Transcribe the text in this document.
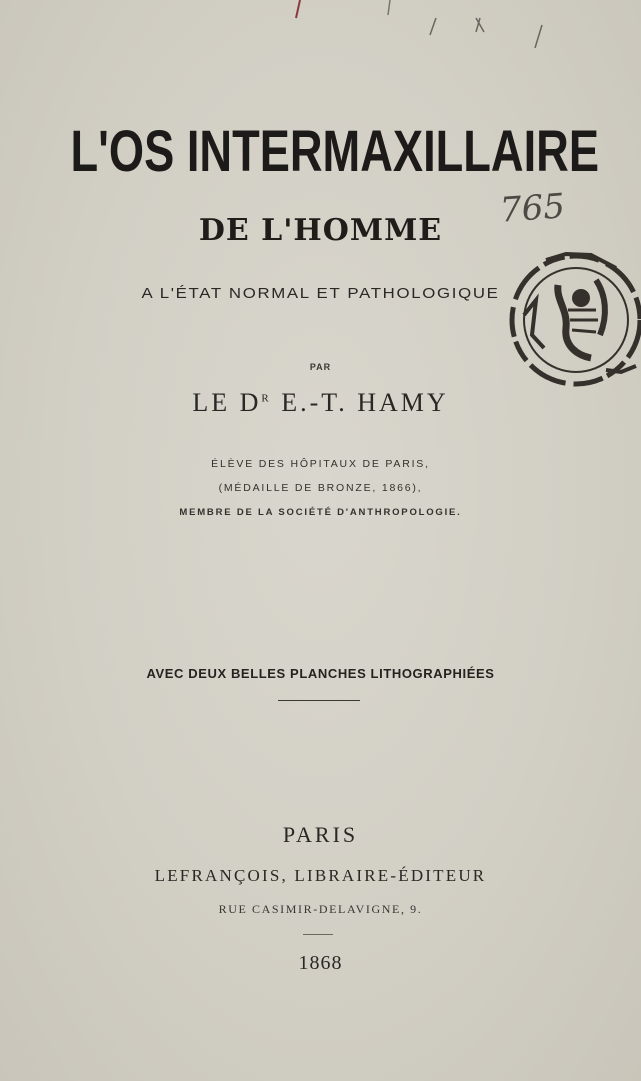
L'OS INTERMAXILLAIRE
765
DE L'HOMME
A L'ÉTAT NORMAL ET PATHOLOGIQUE
PAR
LE $D^R$ E.-T. HAMY
ÉLÈVE DES HÔPITAUX DE PARIS,
(MÉDAILLE DE BRONZE, 1866),
MEMBRE DE LA SOCIÉTÉ D'ANTHROPOLOGIE.
AVEC DEUX BELLES PLANCHES LITHOGRAPHIÉES
PARIS
LEFRANÇOIS, LIBRAIRE-ÉDITEUR
RUE CASIMIR-DELAVIGNE, 9.
1868
